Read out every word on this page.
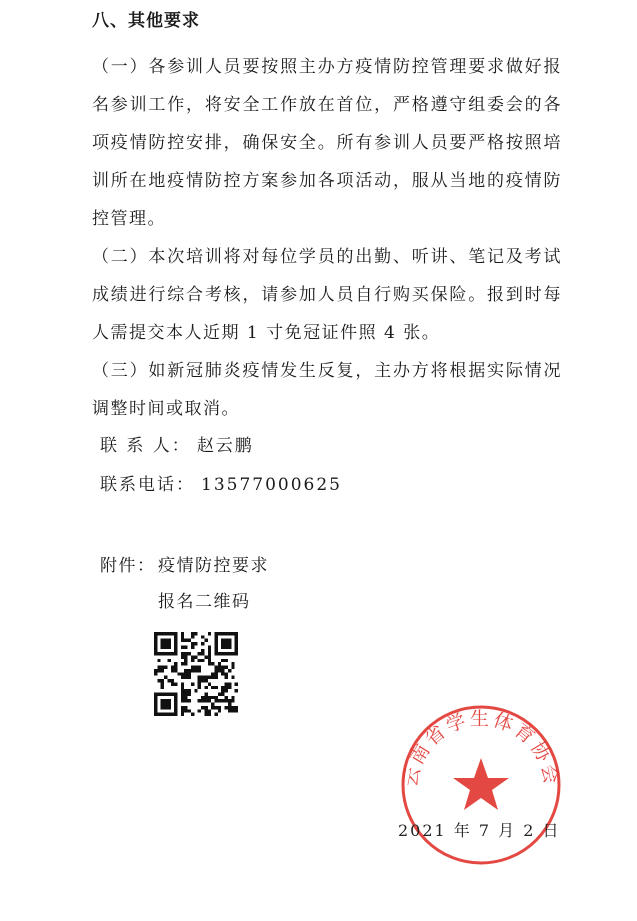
八、其他要求
（一）各参训人员要按照主办方疫情防控管理要求做好报名参训工作，将安全工作放在首位，严格遵守组委会的各项疫情防控安排，确保安全。所有参训人员要严格按照培训所在地疫情防控方案参加各项活动，服从当地的疫情防控管理。
（二）本次培训将对每位学员的出勤、听讲、笔记及考试成绩进行综合考核，请参加人员自行购买保险。报到时每人需提交本人近期 1 寸免冠证件照 4 张。
（三）如新冠肺炎疫情发生反复，主办方将根据实际情况调整时间或取消。
联 系 人： 赵云鹏
联系电话： 13577000625
附件： 疫情防控要求
报名二维码
云南省学生体育协会
2021 年 7 月 2 日
